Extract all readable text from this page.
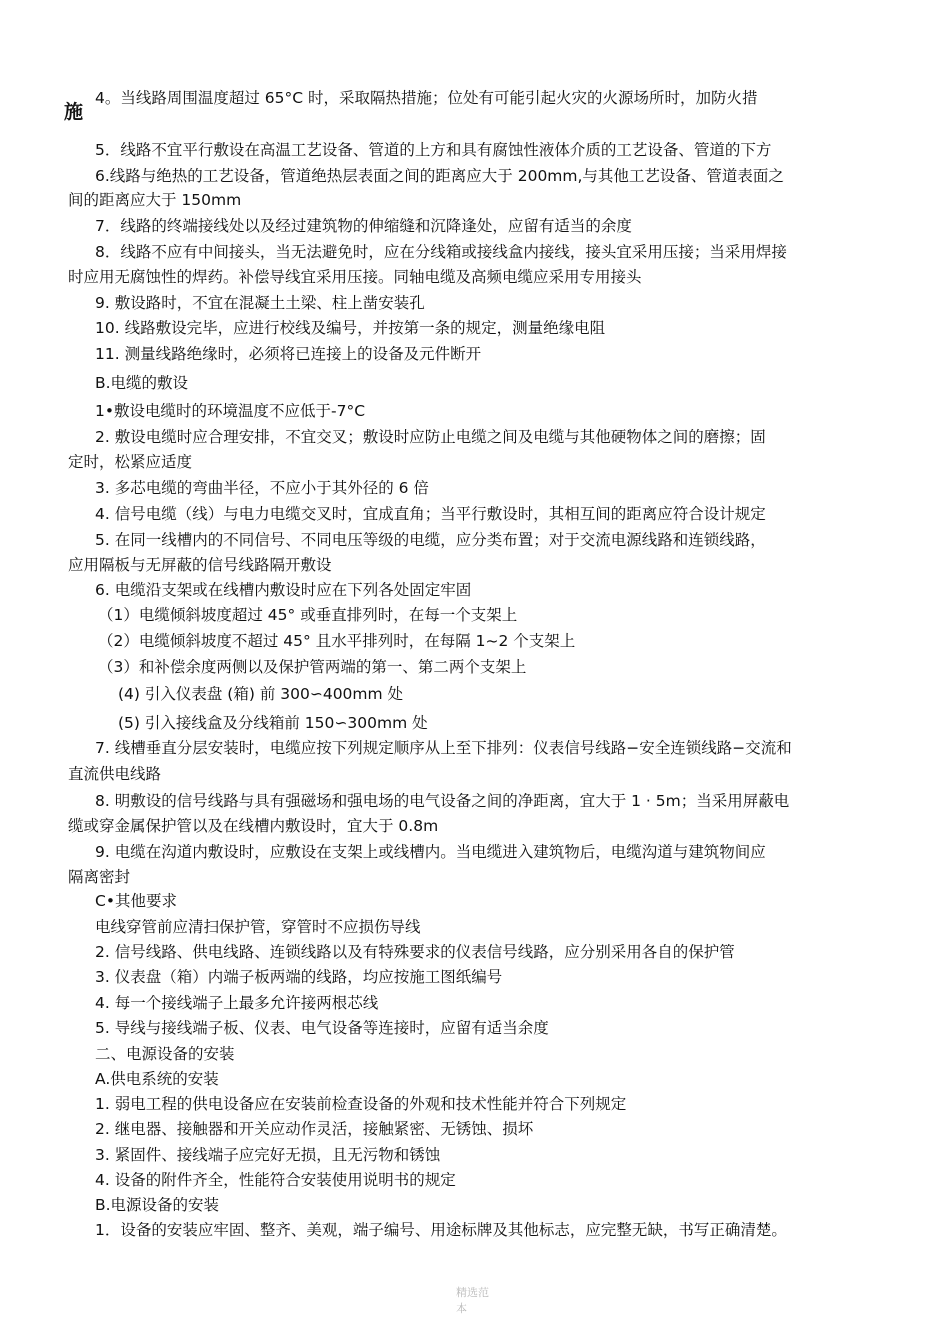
4。当线路周围温度超过 65°C 时，采取隔热措施；位处有可能引起火灾的火源场所时，加防火措
施
5．线路不宜平行敷设在高温工艺设备、管道的上方和具有腐蚀性液体介质的工艺设备、管道的下方
6.线路与绝热的工艺设备，管道绝热层表面之间的距离应大于 200mm,与其他工艺设备、管道表面之
间的距离应大于 150mm
7．线路的终端接线处以及经过建筑物的伸缩缝和沉降逢处，应留有适当的余度
8．线路不应有中间接头，当无法避免时，应在分线箱或接线盒内接线，接头宜采用压接；当采用焊接
时应用无腐蚀性的焊药。补偿导线宜采用压接。同轴电缆及高频电缆应采用专用接头
9. 敷设路时，不宜在混凝土土梁、柱上凿安装孔
10. 线路敷设完毕，应进行校线及编号，并按第一条的规定，测量绝缘电阻
11. 测量线路绝缘时，必须将已连接上的设备及元件断开
B.电缆的敷设
1•敷设电缆时的环境温度不应低于-7°C
2. 敷设电缆时应合理安排，不宜交叉；敷设时应防止电缆之间及电缆与其他硬物体之间的磨擦；固
定时，松紧应适度
3. 多芯电缆的弯曲半径，不应小于其外径的 6 倍
4. 信号电缆（线）与电力电缆交叉时，宜成直角；当平行敷设时，其相互间的距离应符合设计规定
5. 在同一线槽内的不同信号、不同电压等级的电缆，应分类布置；对于交流电源线路和连锁线路，
应用隔板与无屏蔽的信号线路隔开敷设
6. 电缆沿支架或在线槽内敷设时应在下列各处固定牢固
（1）电缆倾斜坡度超过 45° 或垂直排列时，在每一个支架上
（2）电缆倾斜坡度不超过 45° 且水平排列时，在每隔 1~2 个支架上
（3）和补偿余度两侧以及保护管两端的第一、第二两个支架上
(4) 引入仪表盘 (箱) 前 300∽400mm 处
(5) 引入接线盒及分线箱前 150∽300mm 处
7. 线槽垂直分层安装时，电缆应按下列规定顺序从上至下排列：仪表信号线路−安全连锁线路−交流和
直流供电线路
8. 明敷设的信号线路与具有强磁场和强电场的电气设备之间的净距离，宜大于 1 · 5m；当采用屏蔽电
缆或穿金属保护管以及在线槽内敷设时，宜大于 0.8m
9. 电缆在沟道内敷设时，应敷设在支架上或线槽内。当电缆进入建筑物后，电缆沟道与建筑物间应
隔离密封
C•其他要求
电线穿管前应清扫保护管，穿管时不应损伤导线
2. 信号线路、供电线路、连锁线路以及有特殊要求的仪表信号线路，应分别采用各自的保护管
3. 仪表盘（箱）内端子板两端的线路，均应按施工图纸编号
4. 每一个接线端子上最多允许接两根芯线
5. 导线与接线端子板、仪表、电气设备等连接时，应留有适当余度
二、电源设备的安装
A.供电系统的安装
1. 弱电工程的供电设备应在安装前检查设备的外观和技术性能并符合下列规定
2. 继电器、接触器和开关应动作灵活，接触紧密、无锈蚀、损坏
3. 紧固件、接线端子应完好无损，且无污物和锈蚀
4. 设备的附件齐全，性能符合安装使用说明书的规定
B.电源设备的安装
1．设备的安装应牢固、整齐、美观，端子编号、用途标牌及其他标志，应完整无缺，书写正确清楚。
精选范
本
